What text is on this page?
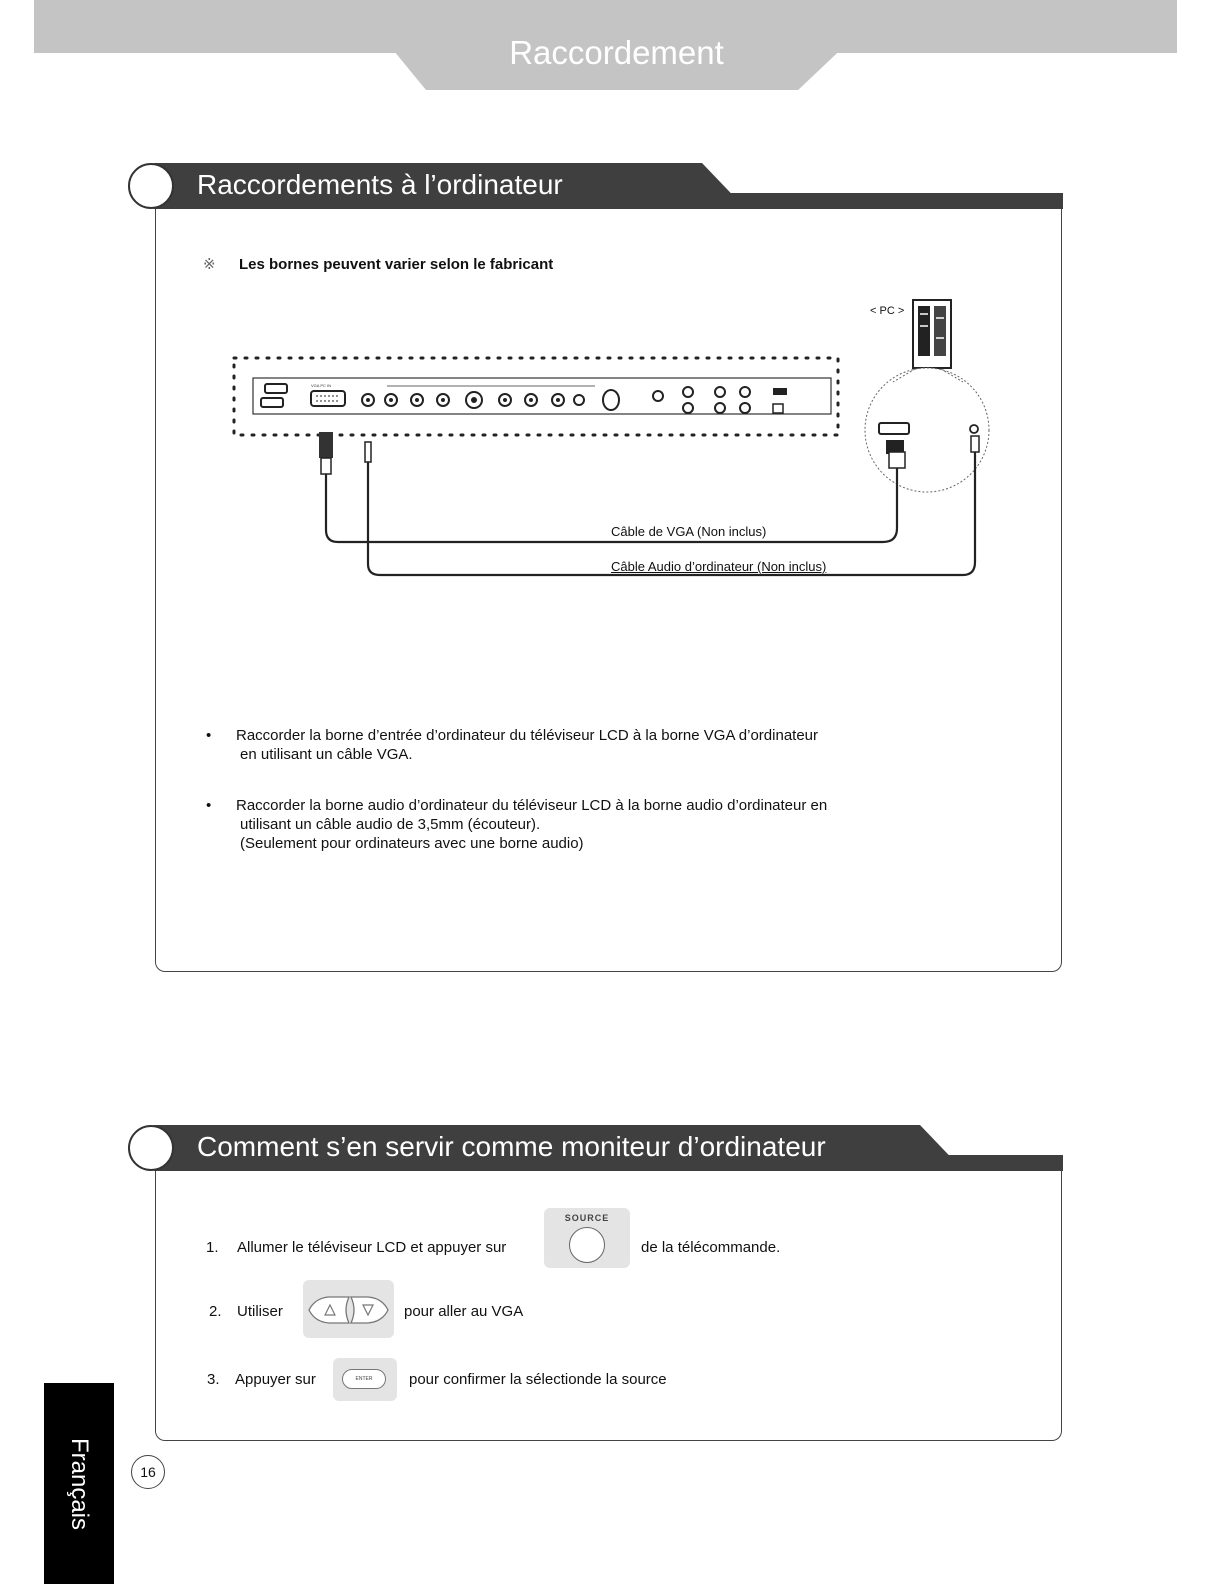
Raccordement
Raccordements à l’ordinateur
※ Les bornes peuvent varier selon le fabricant
VGA PC IN
< PC >
Câble de VGA (Non inclus)
Câble Audio d’ordinateur (Non inclus)
• Raccorder la borne d’entrée d’ordinateur du téléviseur LCD à la borne VGA d’ordinateur
en utilisant un câble VGA.
• Raccorder la borne audio d’ordinateur du téléviseur LCD à la borne audio d’ordinateur en
utilisant un câble audio de 3,5mm (écouteur).
(Seulement pour ordinateurs avec une borne audio)
Comment s’en servir comme moniteur d’ordinateur
1. Allumer le téléviseur LCD et appuyer sur
SOURCE
de la télécommande.
2. Utiliser	pour aller au VGA
3. Appuyer sur	ENTER	pour confirmer la sélectionde la source
Français	16
